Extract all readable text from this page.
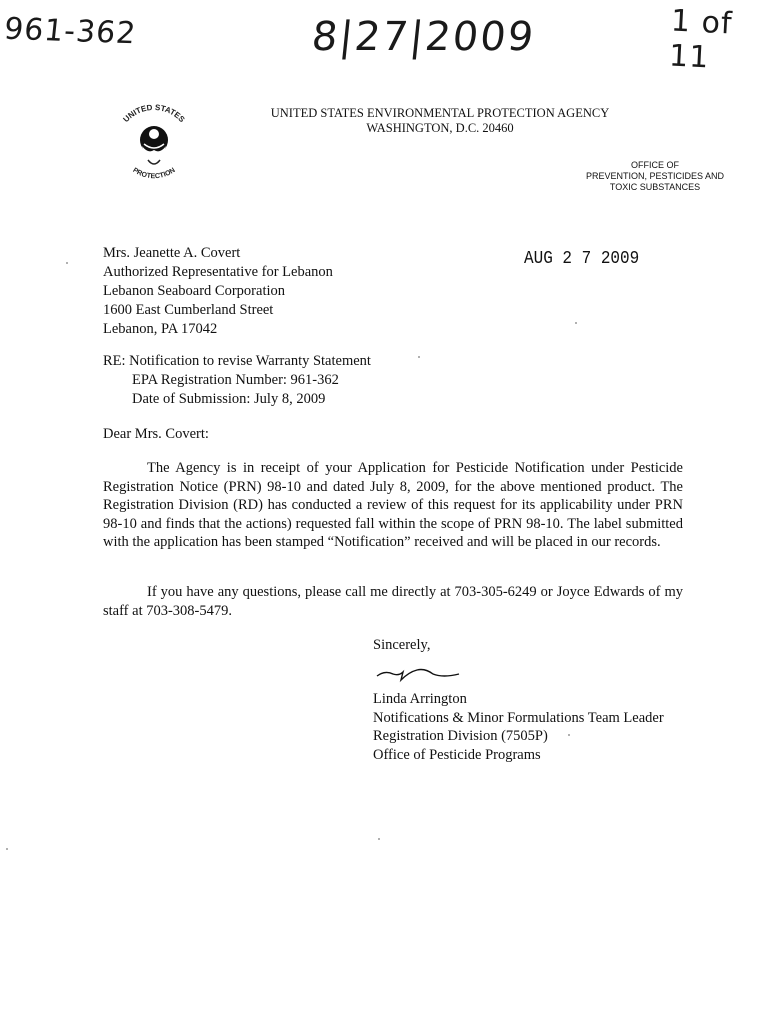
961-362	8|27|2009	1 of 11
UNITED STATES
PROTECTION
UNITED STATES ENVIRONMENTAL PROTECTION AGENCY
WASHINGTON, D.C. 20460
OFFICE OF
PREVENTION, PESTICIDES AND
TOXIC SUBSTANCES
Mrs. Jeanette A. Covert
Authorized Representative for Lebanon
Lebanon Seaboard Corporation
1600 East Cumberland Street
Lebanon, PA 17042
AUG 2 7 2009
RE: Notification to revise Warranty Statement
EPA Registration Number: 961-362
Date of Submission: July 8, 2009
Dear Mrs. Covert:
The Agency is in receipt of your Application for Pesticide Notification under Pesticide Registration Notice (PRN) 98-10 and dated July 8, 2009, for the above mentioned product. The Registration Division (RD) has conducted a review of this request for its applicability under PRN 98-10 and finds that the actions) requested fall within the scope of PRN 98-10. The label submitted with the application has been stamped “Notification” received and will be placed in our records.
If you have any questions, please call me directly at 703-305-6249 or Joyce Edwards of my staff at 703-308-5479.
Sincerely,
Linda Arrington
Notifications & Minor Formulations Team Leader
Registration Division (7505P)
Office of Pesticide Programs
